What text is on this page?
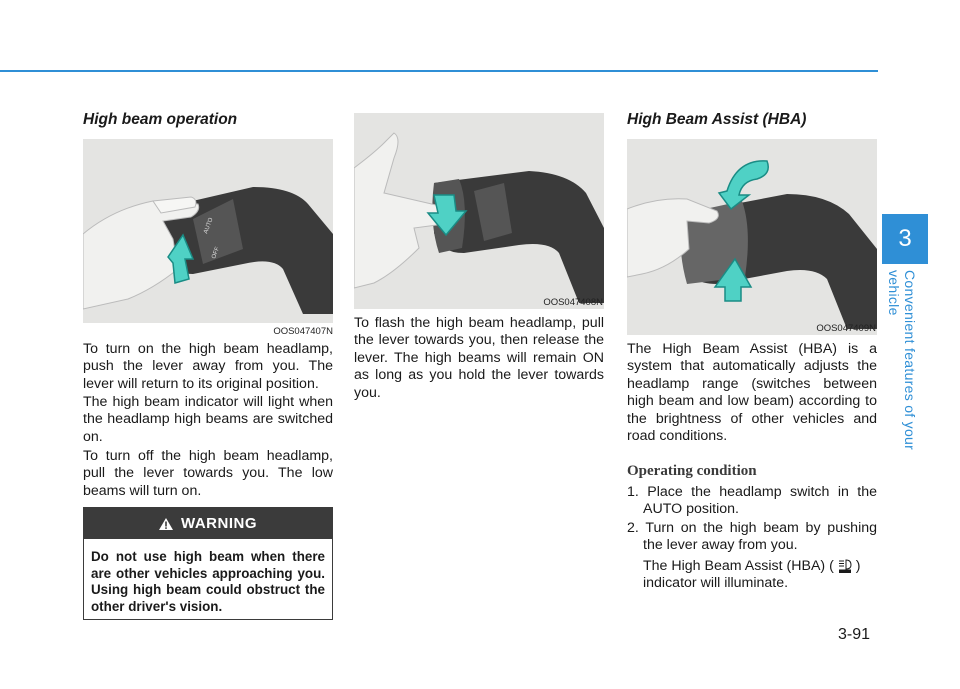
3
Convenient features of your vehicle
High beam operation
AUTO
OFF
OOS047407N

To turn on the high beam headlamp, push the lever away from you. The lever will return to its original position.

The high beam indicator will light when the headlamp high beams are switched on.

To turn off the high beam headlamp, pull the lever towards you. The low beams will turn on.

WARNING
Do not use high beam when there are other vehicles approaching you. Using high beam could obstruct the other driver's vision.
OOS047408N

To flash the high beam headlamp, pull the lever towards you, then release the lever. The high beams will remain ON as long as you hold the lever towards you.

High Beam Assist (HBA)
OOS047409N

The High Beam Assist (HBA) is a system that automatically adjusts the headlamp range (switches between high beam and low beam) according to the brightness of other vehicles and road conditions.

Operating condition

1. Place the headlamp switch in the AUTO position.

2. Turn on the high beam by pushing the lever away from you.

The High Beam Assist (HBA) ( )
indicator will illuminate.

3-91
